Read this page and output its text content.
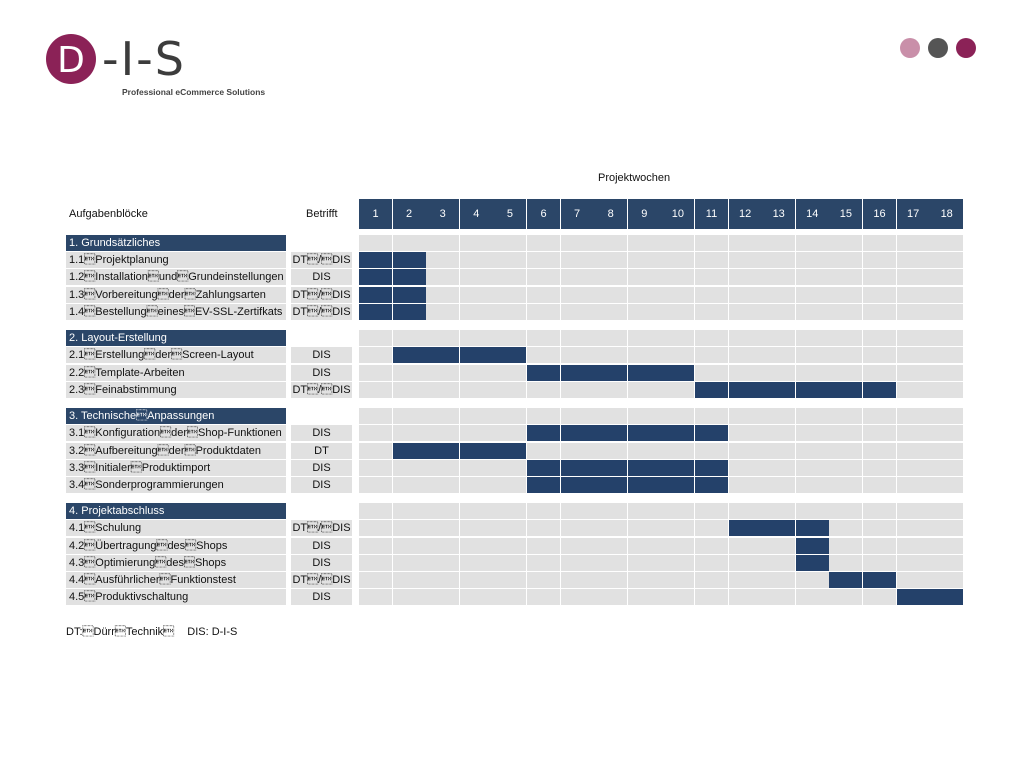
D -I-S
Professional eCommerce Solutions
Projektwochen
Aufgabenblöcke	Betrifft	1	2	3	4	5	6	7	8	9	10	11	12	13	14	15	16	17	18
1. Grundsätzliches
1.1Projektplanung	DT/DIS
1.2InstallationundGrundeinstellungen	DIS
1.3VorbereitungderZahlungsarten	DT/DIS
1.4BestellungeinesEV-SSL-Zertifkats DT/DIS
2. Layout-Erstellung
2.1ErstellungderScreen-Layout	DIS
2.2Template-Arbeiten	DIS
2.3Feinabstimmung	DT/DIS
3. TechnischeAnpassungen
3.1KonfigurationderShop-Funktionen	DIS
3.2AufbereitungderProduktdaten	DT
3.3InitialerProduktimport	DIS
3.4Sonderprogrammierungen	DIS
4. Projektabschluss
4.1Schulung	DT/DIS
4.2ÜbertragungdesShops	DIS
4.3OptimierungdesShops	DIS
4.4AusführlicherFunktionstest	DT/DIS
4.5Produktivschaltung	DIS
DT:DürrTechnik DIS: D-I-S
